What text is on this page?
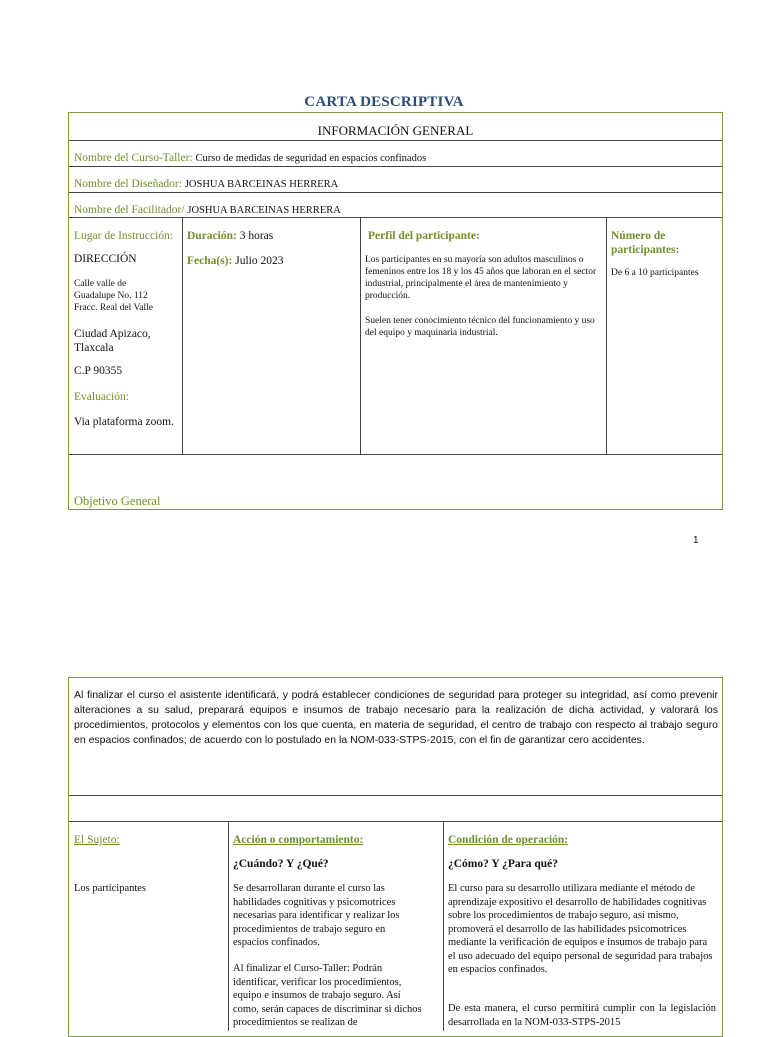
CARTA DESCRIPTIVA
INFORMACIÓN GENERAL
Nombre del Curso-Taller: Curso de medidas de seguridad en espacios confinados
Nombre del Diseñador: JOSHUA BARCEINAS HERRERA
Nombre del Facilitador/ JOSHUA BARCEINAS HERRERA
Lugar de Instrucción:
DIRECCIÓN
Calle valle de
Guadalupe No. 112
Fracc. Real del Valle
Ciudad Apizaco,
Tlaxcala
C.P 90355
Evaluación:
Via plataforma zoom.
Duración: 3 horas
Fecha(s): Julio 2023
Perfil del participante:
Los participantes en su mayoría son adultos masculinos o femeninos entre los 18 y los 45 años que laboran en el sector industrial, principalmente el área de mantenimiento y producción.
Suelen tener conocimiento técnico del funcionamiento y uso del equipo y maquinaria industrial.
Número de participantes:
De 6 a 10 participantes
Objetivo General
1
Al finalizar el curso el asistente identificará, y podrá establecer condiciones de seguridad para proteger su integridad, así como prevenir alteraciones a su salud, preparará equipos e insumos de trabajo necesario para la realización de dicha actividad, y valorará los procedimientos, protocolos y elementos con los que cuenta, en materia de seguridad, el centro de trabajo con respecto al trabajo seguro en espacios confinados; de acuerdo con lo postulado en la NOM-033-STPS-2015, con el fin de garantizar cero accidentes.
El Sujeto:
Los participantes
Acción o comportamiento:
¿Cuándo? Y ¿Qué?
Se desarrollaran durante el curso las habilidades cognitivas y psicomotrices necesarias para identificar y realizar los procedimientos de trabajo seguro en espacios confinados.
Al finalizar el Curso-Taller: Podrán identificar, verificar los procedimientos, equipo e insumos de trabajo seguro. Así como, serán capaces de discriminar si dichos procedimientos se realizan de
Condición de operación:
¿Cómo? Y ¿Para qué?
El curso para su desarrollo utilizara mediante el método de aprendizaje expositivo el desarrollo de habilidades cognitivas sobre los procedimientos de trabajo seguro, así mismo, promoverá el desarrollo de las habilidades psicomotrices mediante la verificación de equipos e insumos de trabajo para el uso adecuado del equipo personal de seguridad para trabajos en espacios confinados.
De esta manera, el curso permitirá cumplir con la legislación desarrollada en la NOM-033-STPS-2015
